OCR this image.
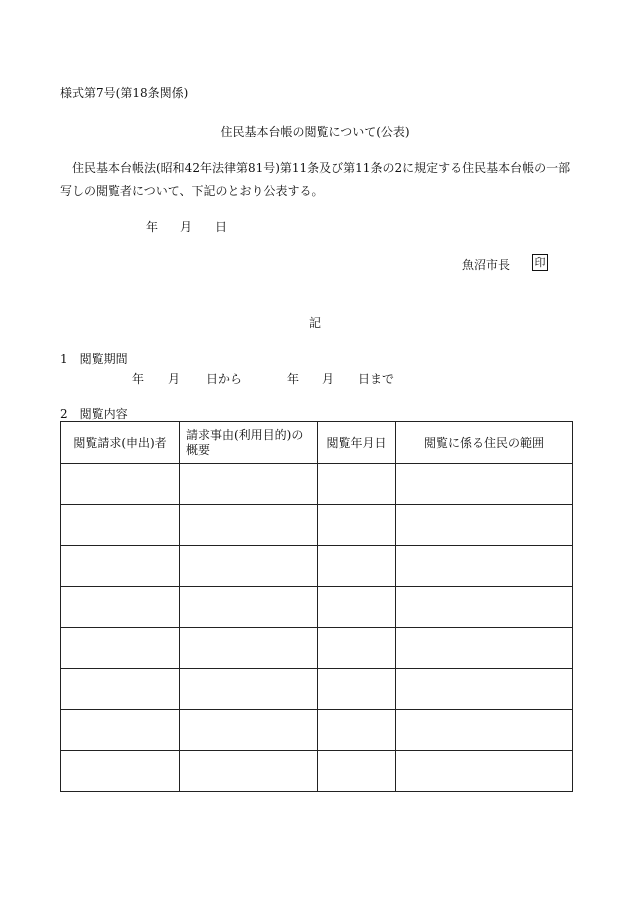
様式第7号(第18条関係)
住民基本台帳の閲覧について(公表)
住民基本台帳法(昭和42年法律第81号)第11条及び第11条の2に規定する住民基本台帳の一部写しの閲覧者について、下記のとおり公表する。
年 月 日
魚沼市長 印
記
1　閲覧期間
年 月 日から	年 月 日まで
2　閲覧内容
閲覧請求(申出)者	請求事由(利用目的)の概要	閲覧年月日	閲覧に係る住民の範囲
